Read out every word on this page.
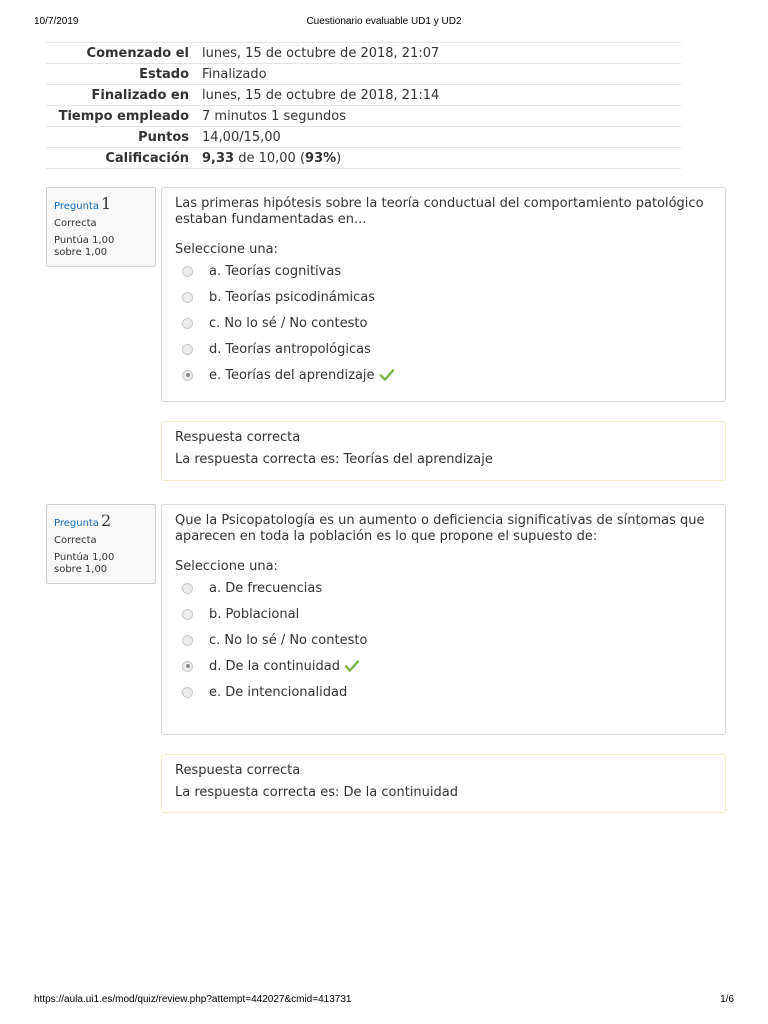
10/7/2019	Cuestionario evaluable UD1 y UD2
Comenzado el	lunes, 15 de octubre de 2018, 21:07
Estado	Finalizado
Finalizado en	lunes, 15 de octubre de 2018, 21:14
Tiempo empleado	7 minutos 1 segundos
Puntos	14,00/15,00
Calificación	9,33 de 10,00 (93%)
Pregunta 1
Correcta
Puntúa 1,00 sobre 1,00
Las primeras hipótesis sobre la teoría conductual del comportamiento patológico estaban fundamentadas en...
Seleccione una:
a. Teorías cognitivas
b. Teorías psicodinámicas
c. No lo sé / No contesto
d. Teorías antropológicas
e. Teorías del aprendizaje
Respuesta correcta
La respuesta correcta es: Teorías del aprendizaje
Pregunta 2
Correcta
Puntúa 1,00 sobre 1,00
Que la Psicopatología es un aumento o deficiencia significativas de síntomas que aparecen en toda la población es lo que propone el supuesto de:
Seleccione una:
a. De frecuencias
b. Poblacional
c. No lo sé / No contesto
d. De la continuidad
e. De intencionalidad
Respuesta correcta
La respuesta correcta es: De la continuidad
https://aula.ui1.es/mod/quiz/review.php?attempt=442027&cmid=413731	1/6
